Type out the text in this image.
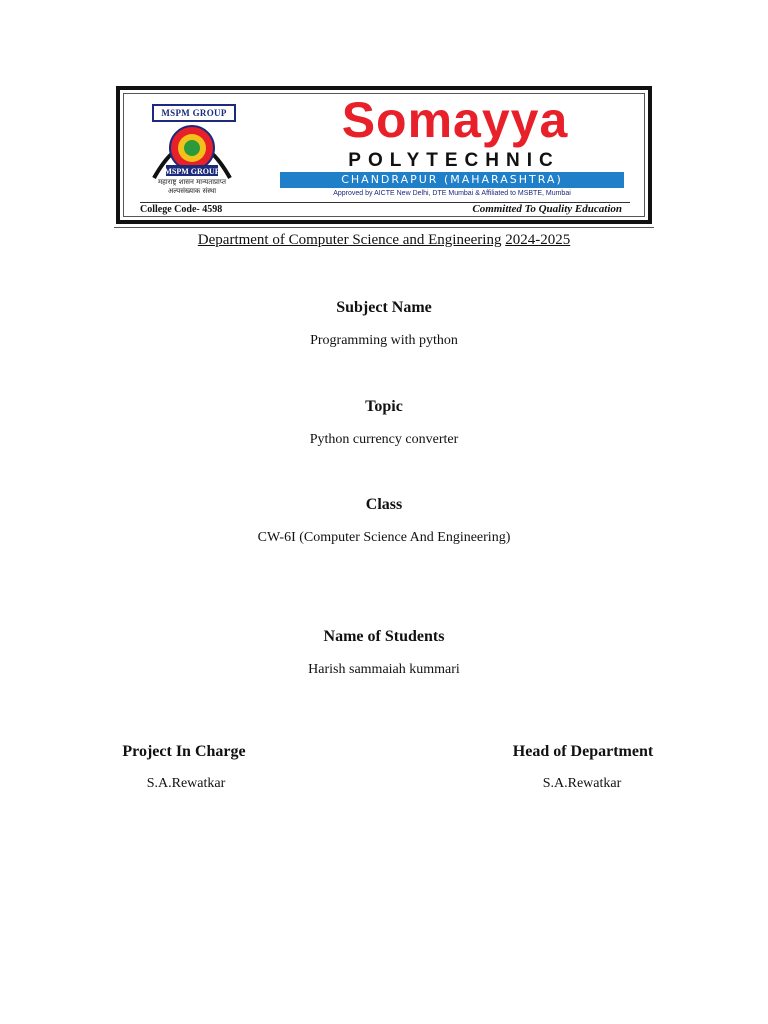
MSPM GROUP
MSPM GROUP
महाराष्ट्र शासन मान्यताप्राप्त अल्पसंख्याक संस्था
Somayya
POLYTECHNIC
CHANDRAPUR (MAHARASHTRA)
Approved by AICTE New Delhi, DTE Mumbai & Affiliated to MSBTE, Mumbai
College Code- 4598	Committed To Quality Education
Department of Computer Science and Engineering 2024-2025
Subject Name
Programming with python
Topic
Python currency converter
Class
CW-6I (Computer Science And Engineering)
Name of Students
Harish sammaiah kummari
Project In Charge
S.A.Rewatkar
Head of Department
S.A.Rewatkar
